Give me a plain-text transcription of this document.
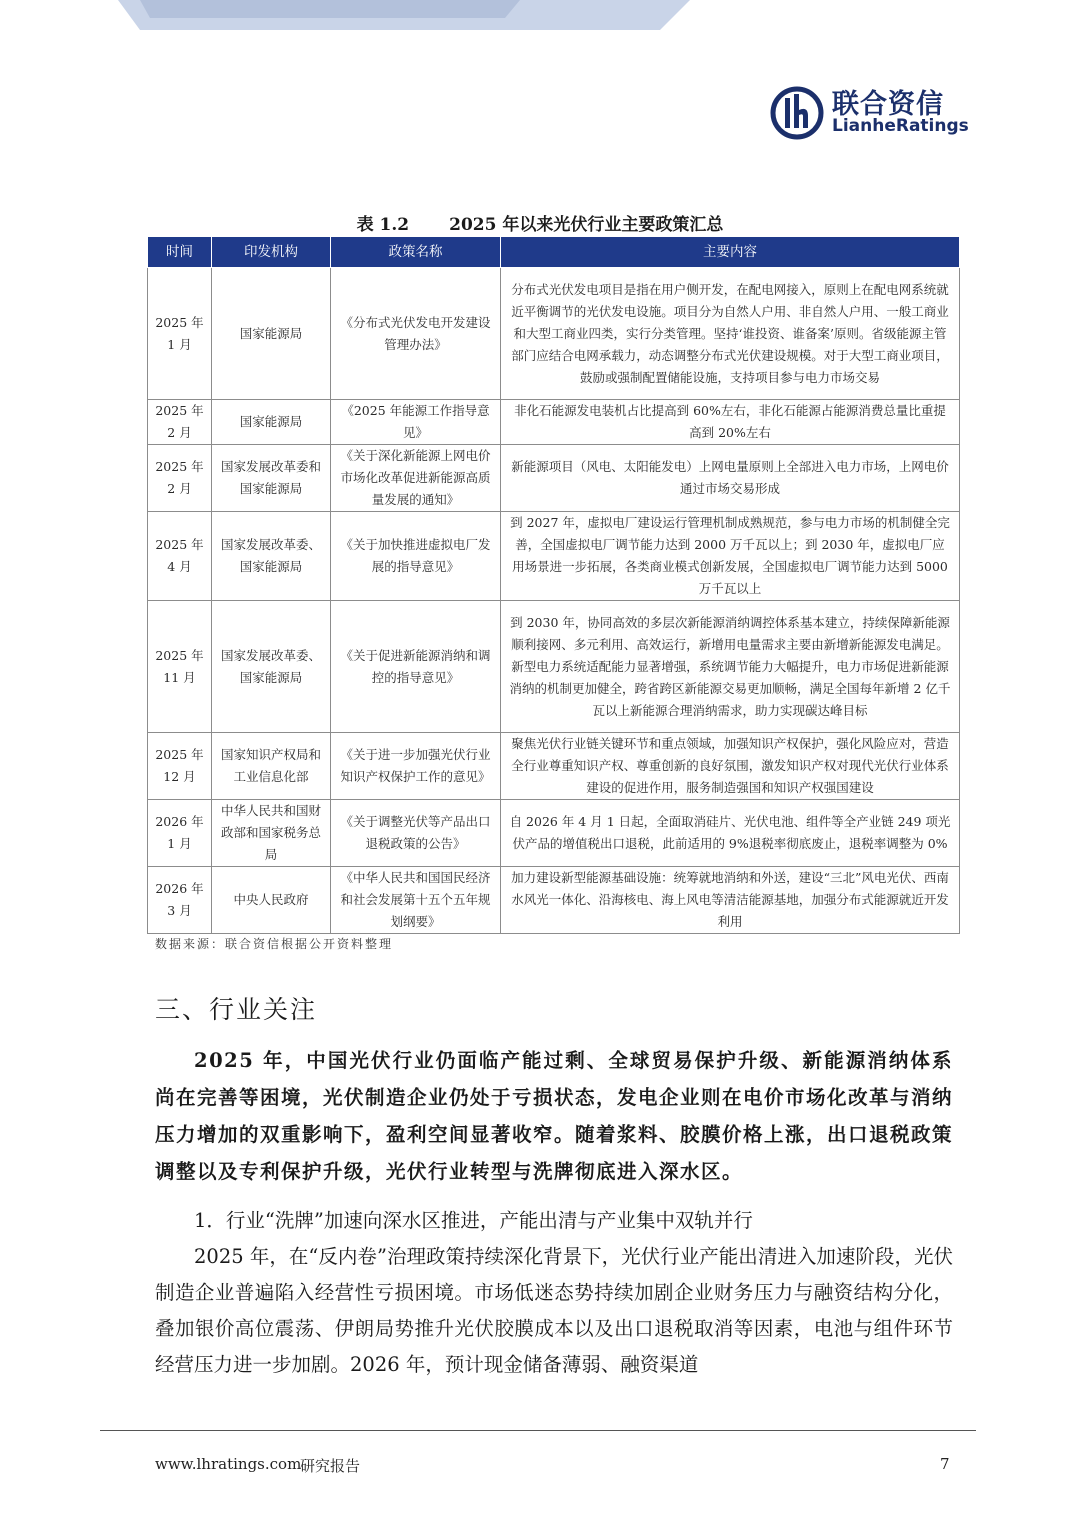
联合资信
LianheRatings
表 1.2 2025 年以来光伏行业主要政策汇总
时间	印发机构	政策名称	主要内容
2025 年
1 月	国家能源局	《分布式光伏发电开发建设管理办法》	分布式光伏发电项目是指在用户侧开发，在配电网接入，原则上在配电网系统就近平衡调节的光伏发电设施。项目分为自然人户用、非自然人户用、一般工商业和大型工商业四类，实行分类管理。坚持‘谁投资、谁备案’原则。省级能源主管部门应结合电网承载力，动态调整分布式光伏建设规模。对于大型工商业项目，鼓励或强制配置储能设施，支持项目参与电力市场交易
2025 年
2 月	国家能源局	《2025 年能源工作指导意见》	非化石能源发电装机占比提高到 60%左右，非化石能源占能源消费总量比重提高到 20%左右
2025 年
2 月	国家发展改革委和国家能源局	《关于深化新能源上网电价市场化改革促进新能源高质量发展的通知》	新能源项目（风电、太阳能发电）上网电量原则上全部进入电力市场，上网电价通过市场交易形成
2025 年
4 月	国家发展改革委、国家能源局	《关于加快推进虚拟电厂发展的指导意见》	到 2027 年，虚拟电厂建设运行管理机制成熟规范，参与电力市场的机制健全完善，全国虚拟电厂调节能力达到 2000 万千瓦以上；到 2030 年，虚拟电厂应用场景进一步拓展，各类商业模式创新发展，全国虚拟电厂调节能力达到 5000 万千瓦以上
2025 年
11 月	国家发展改革委、国家能源局	《关于促进新能源消纳和调控的指导意见》	到 2030 年，协同高效的多层次新能源消纳调控体系基本建立，持续保障新能源顺利接网、多元利用、高效运行，新增用电量需求主要由新增新能源发电满足。新型电力系统适配能力显著增强，系统调节能力大幅提升，电力市场促进新能源消纳的机制更加健全，跨省跨区新能源交易更加顺畅，满足全国每年新增 2 亿千瓦以上新能源合理消纳需求，助力实现碳达峰目标
2025 年
12 月	国家知识产权局和工业信息化部	《关于进一步加强光伏行业知识产权保护工作的意见》	聚焦光伏行业链关键环节和重点领域，加强知识产权保护，强化风险应对，营造全行业尊重知识产权、尊重创新的良好氛围，激发知识产权对现代光伏行业体系建设的促进作用，服务制造强国和知识产权强国建设
2026 年
1 月	中华人民共和国财政部和国家税务总局	《关于调整光伏等产品出口退税政策的公告》	自 2026 年 4 月 1 日起，全面取消硅片、光伏电池、组件等全产业链 249 项光伏产品的增值税出口退税，此前适用的 9%退税率彻底废止，退税率调整为 0%
2026 年
3 月	中央人民政府	《中华人民共和国国民经济和社会发展第十五个五年规划纲要》	加力建设新型能源基础设施：统筹就地消纳和外送，建设“三北”风电光伏、西南水风光一体化、沿海核电、海上风电等清洁能源基地，加强分布式能源就近开发利用
数据来源：联合资信根据公开资料整理
三、行业关注

2025 年，中国光伏行业仍面临产能过剩、全球贸易保护升级、新能源消纳体系尚在完善等困境，光伏制造企业仍处于亏损状态，发电企业则在电价市场化改革与消纳压力增加的双重影响下，盈利空间显著收窄。随着浆料、胶膜价格上涨，出口退税政策调整以及专利保护升级，光伏行业转型与洗牌彻底进入深水区。

1．行业“洗牌”加速向深水区推进，产能出清与产业集中双轨并行

2025 年，在“反内卷”治理政策持续深化背景下，光伏行业产能出清进入加速阶段，光伏制造企业普遍陷入经营性亏损困境。市场低迷态势持续加剧企业财务压力与融资结构分化，叠加银价高位震荡、伊朗局势推升光伏胶膜成本以及出口退税取消等因素，电池与组件环节经营压力进一步加剧。2026 年，预计现金储备薄弱、融资渠道

www.lhratings.com
研究报告	7
